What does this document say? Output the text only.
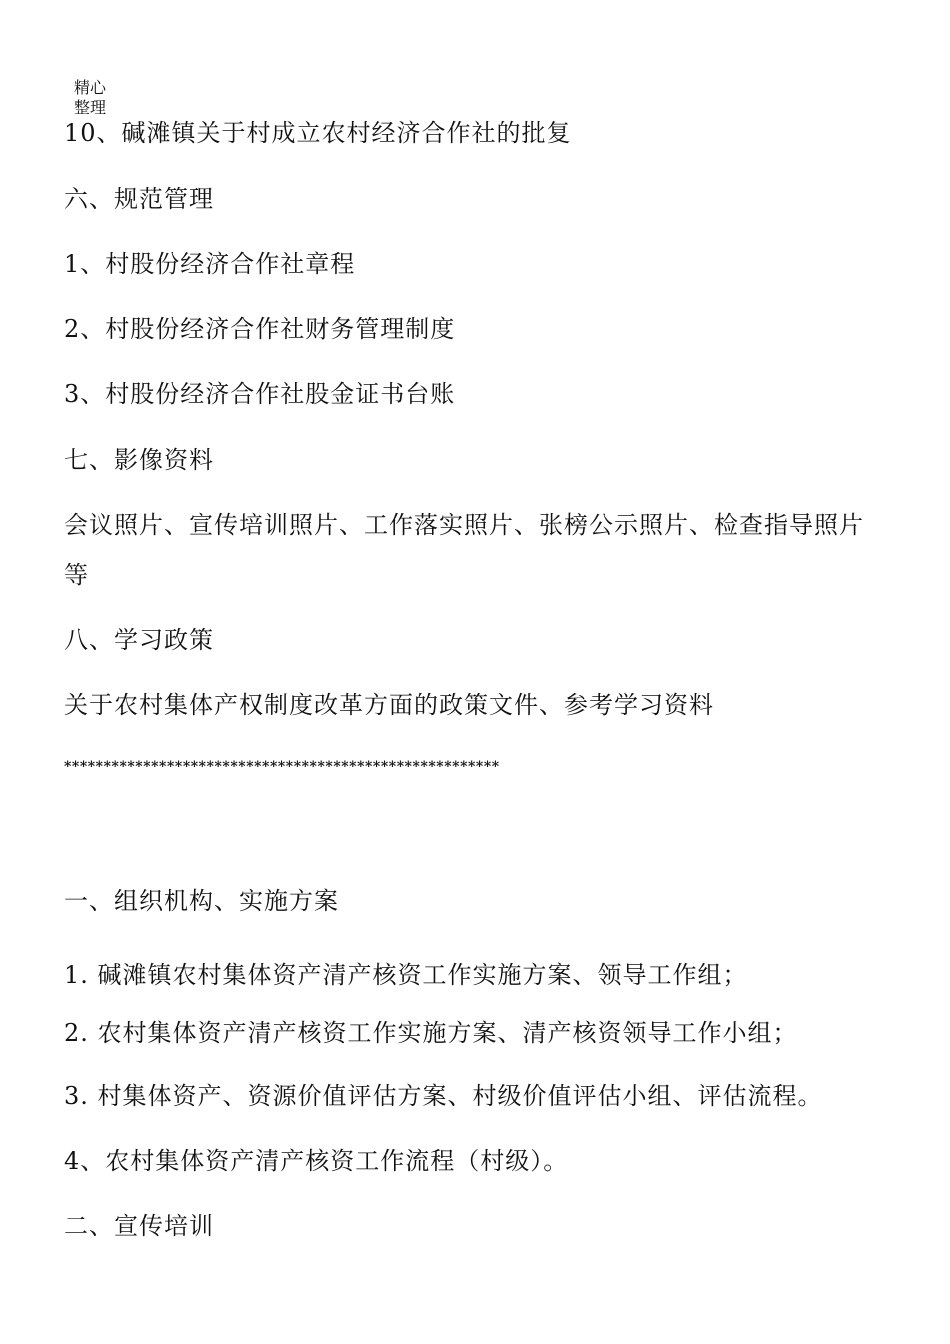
精心
整理
10、碱滩镇关于村成立农村经济合作社的批复
六、规范管理
1、村股份经济合作社章程
2、村股份经济合作社财务管理制度
3、村股份经济合作社股金证书台账
七、影像资料
会议照片、宣传培训照片、工作落实照片、张榜公示照片、检查指导照片
等
八、学习政策
关于农村集体产权制度改革方面的政策文件、参考学习资料
*******************************************************
一、组织机构、实施方案
1. 碱滩镇农村集体资产清产核资工作实施方案、领导工作组；
2. 农村集体资产清产核资工作实施方案、清产核资领导工作小组；
3. 村集体资产、资源价值评估方案、村级价值评估小组、评估流程。
4、农村集体资产清产核资工作流程（村级）。
二、宣传培训
